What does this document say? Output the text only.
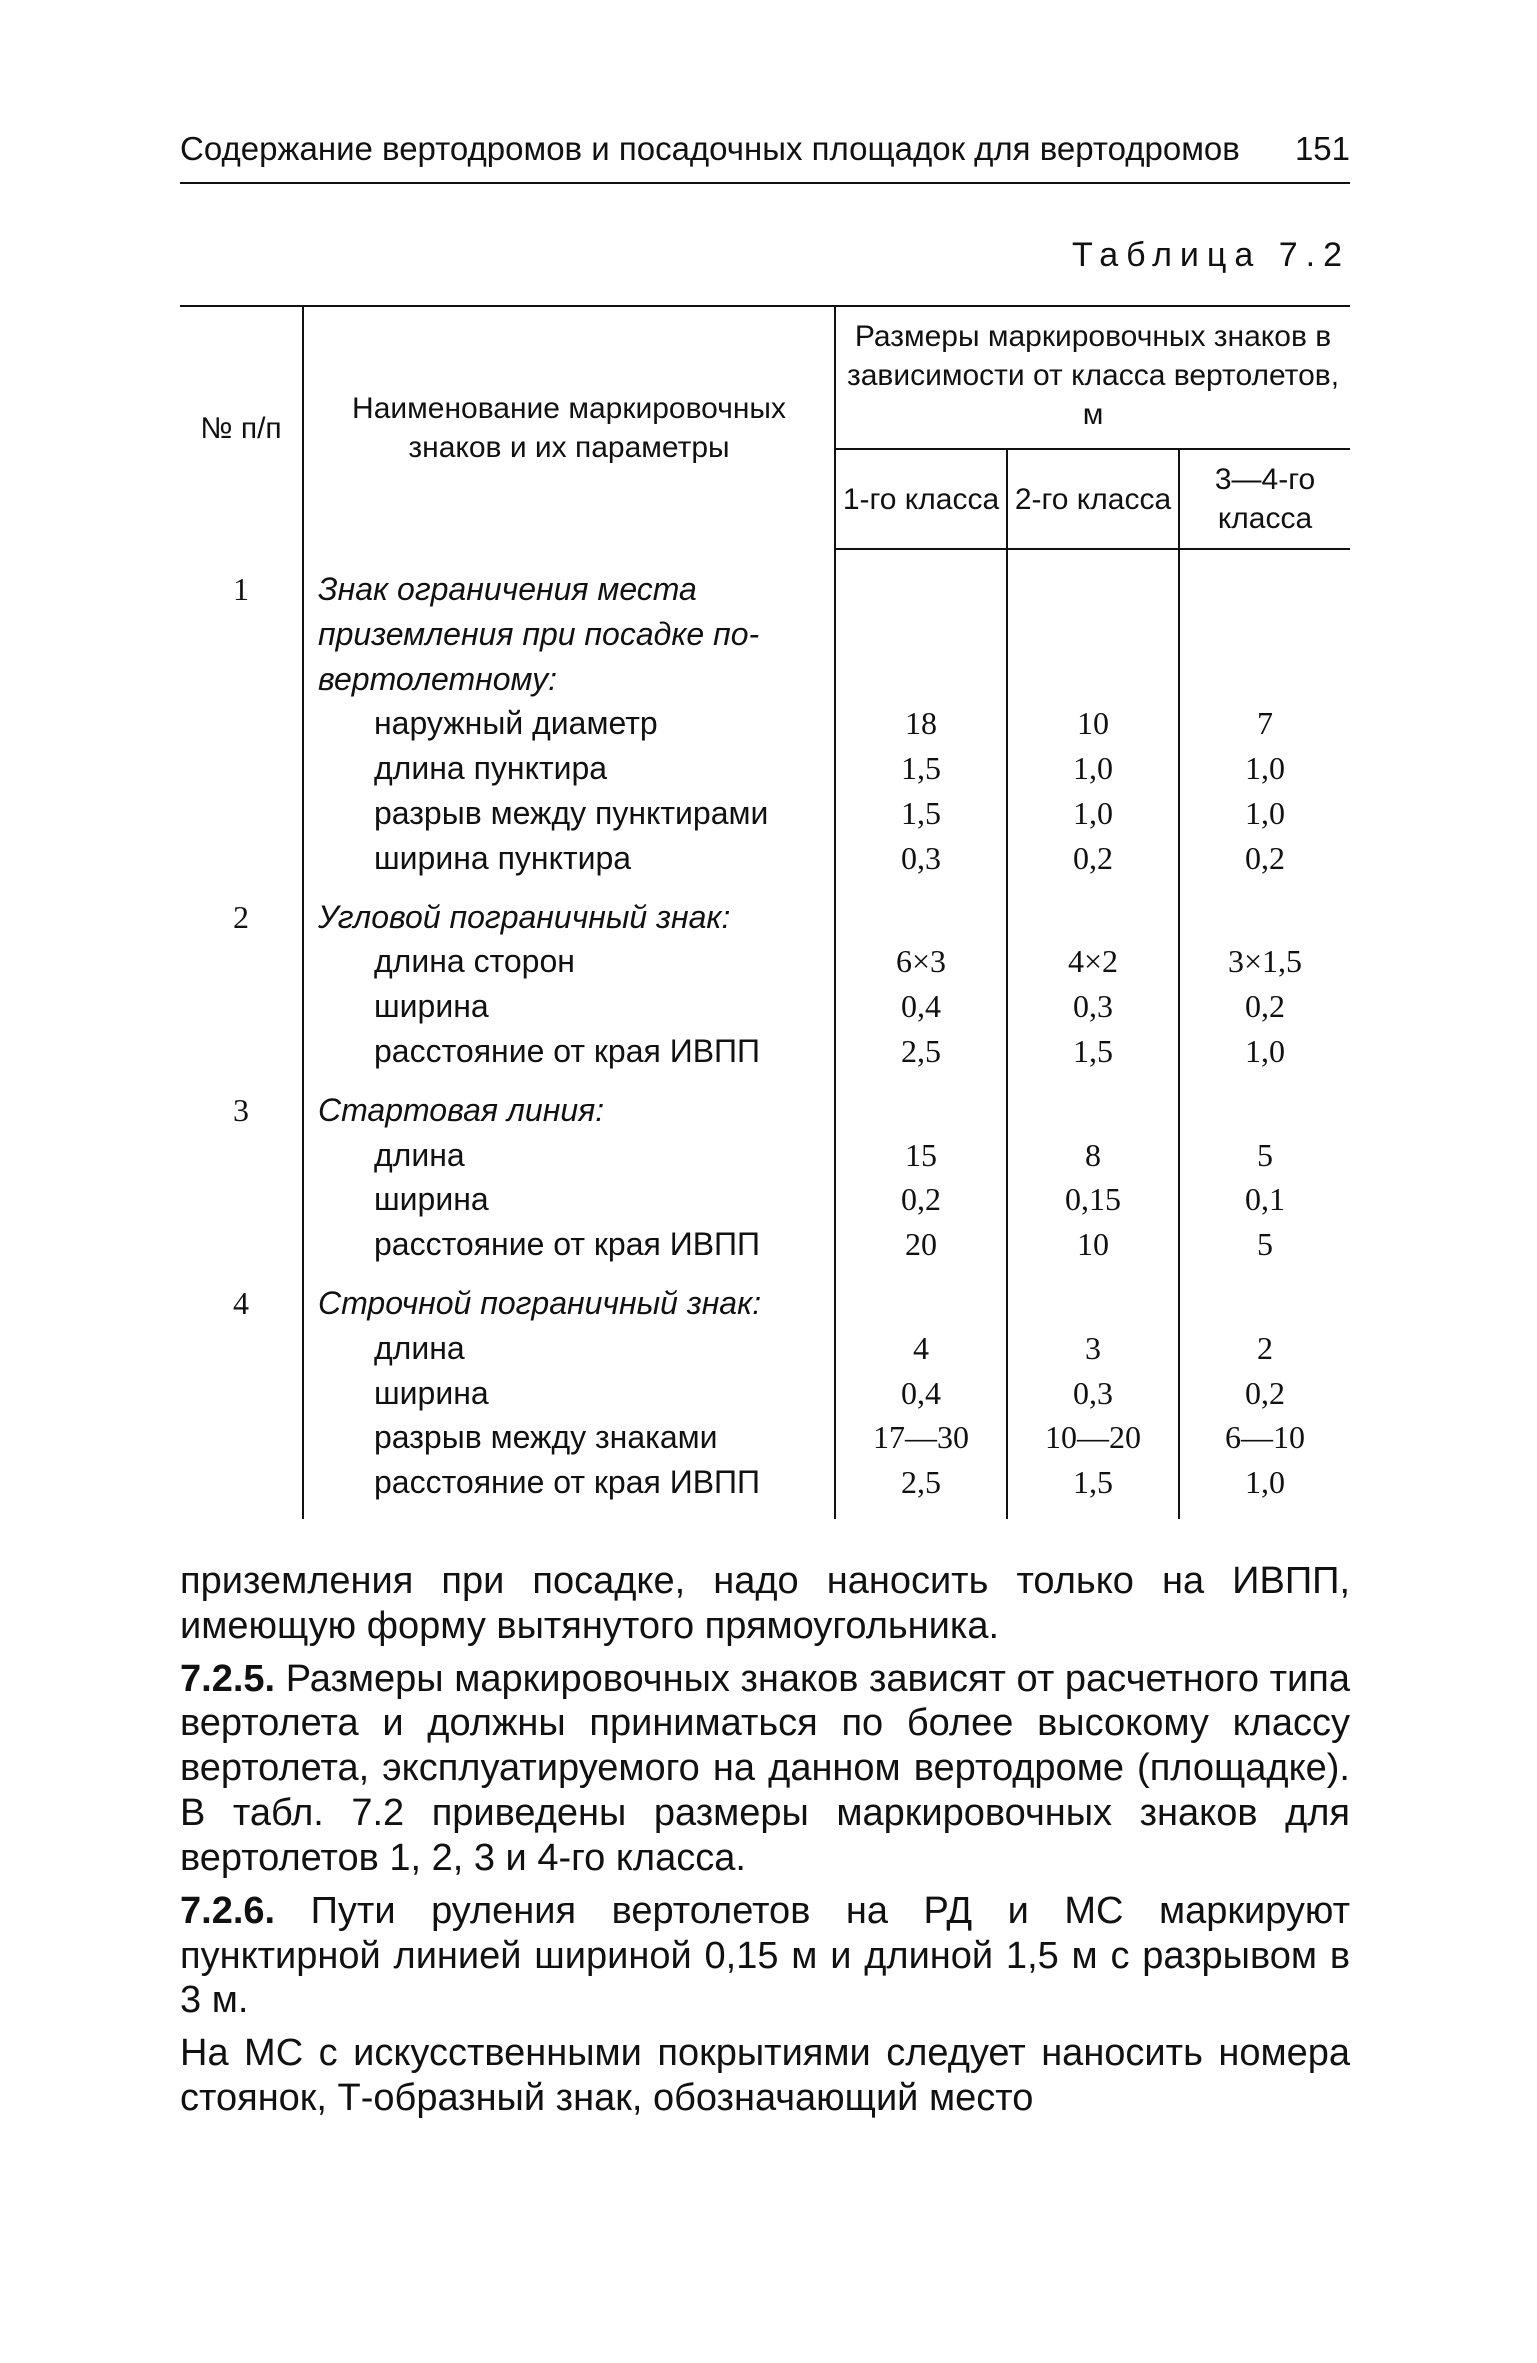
Содержание вертодромов и посадочных площадок для вертодромов 151
Таблица 7.2
№ п/п	Наименование маркировочных знаков и их параметры	Размеры маркировочных знаков в зависимости от класса вертолетов, м		
		1-го класса	2-го класса	3—4-го класса
1	Знак ограничения места приземления при посадке по-вертолетному:			
	наружный диаметр	18	10	7
	длина пунктира	1,5	1,0	1,0
	разрыв между пунктирами	1,5	1,0	1,0
	ширина пунктира	0,3	0,2	0,2
2	Угловой пограничный знак:			
	длина сторон	6×3	4×2	3×1,5
	ширина	0,4	0,3	0,2
	расстояние от края ИВПП	2,5	1,5	1,0
3	Стартовая линия:			
	длина	15	8	5
	ширина	0,2	0,15	0,1
	расстояние от края ИВПП	20	10	5
4	Строчной пограничный знак:			
	длина	4	3	2
	ширина	0,4	0,3	0,2
	разрыв между знаками	17—30	10—20	6—10
	расстояние от края ИВПП	2,5	1,5	1,0

приземления при посадке, надо наносить только на ИВПП, имеющую форму вытянутого прямоугольника.

7.2.5. Размеры маркировочных знаков зависят от расчетного типа вертолета и должны приниматься по более высокому классу вертолета, эксплуатируемого на данном вертодроме (площадке). В табл. 7.2 приведены размеры маркировочных знаков для вертолетов 1, 2, 3 и 4-го класса.

7.2.6. Пути руления вертолетов на РД и МС маркируют пунктирной линией шириной 0,15 м и длиной 1,5 м с разрывом в 3 м.

На МС с искусственными покрытиями следует наносить номера стоянок, Т-образный знак, обозначающий место
